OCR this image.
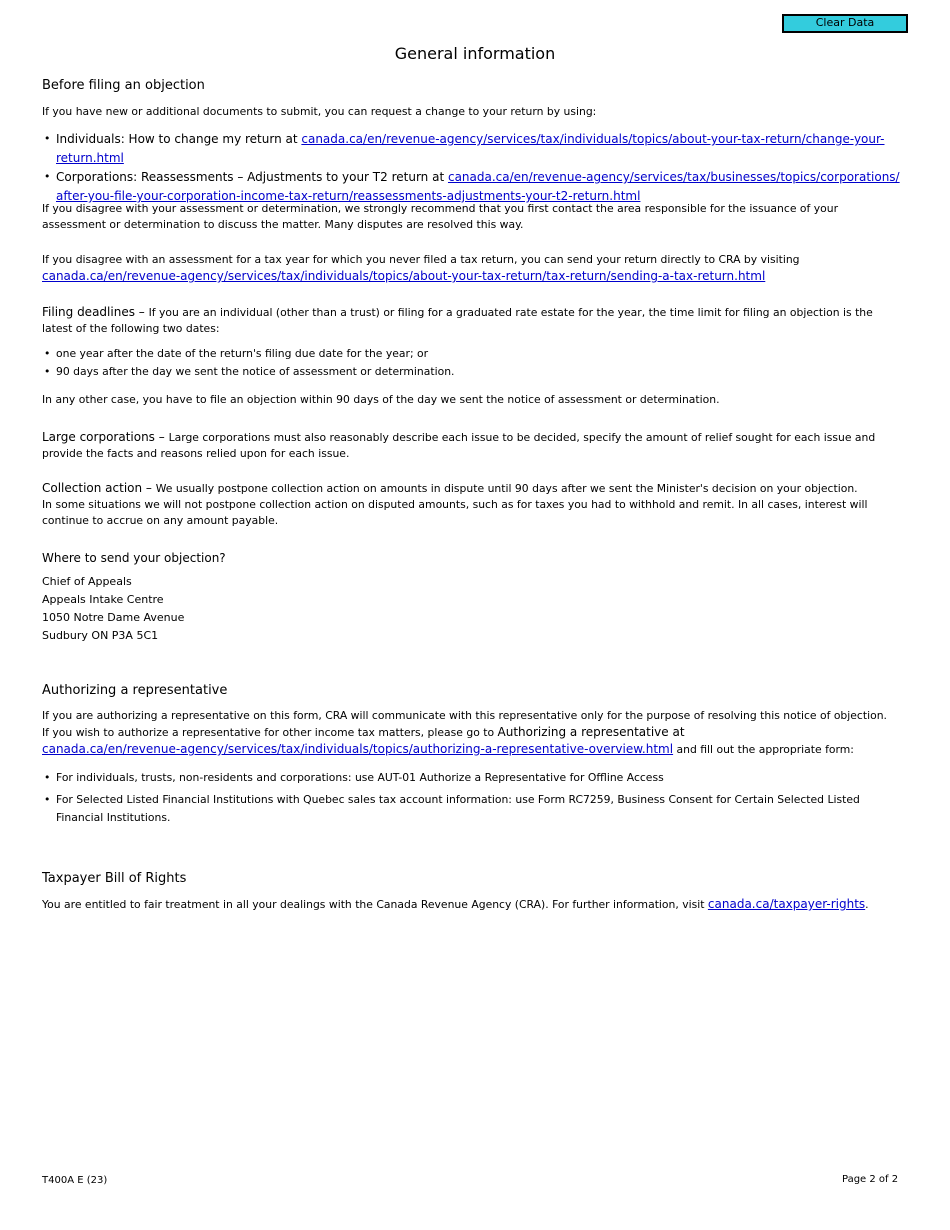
Clear Data
General information
Before filing an objection

If you have new or additional documents to submit, you can request a change to your return by using:

• Individuals: How to change my return at canada.ca/en/revenue-agency/services/tax/individuals/topics/about-your-tax-return/change-your-return.html
• Corporations: Reassessments – Adjustments to your T2 return at canada.ca/en/revenue-agency/services/tax/businesses/topics/corporations/after-you-file-your-corporation-income-tax-return/reassessments-adjustments-your-t2-return.html

If you disagree with your assessment or determination, we strongly recommend that you first contact the area responsible for the issuance of your assessment or determination to discuss the matter. Many disputes are resolved this way.

If you disagree with an assessment for a tax year for which you never filed a tax return, you can send your return directly to CRA by visiting

canada.ca/en/revenue-agency/services/tax/individuals/topics/about-your-tax-return/tax-return/sending-a-tax-return.html

Filing deadlines – If you are an individual (other than a trust) or filing for a graduated rate estate for the year, the time limit for filing an objection is the latest of the following two dates:

• one year after the date of the return's filing due date for the year; or
• 90 days after the day we sent the notice of assessment or determination.

In any other case, you have to file an objection within 90 days of the day we sent the notice of assessment or determination.

Large corporations – Large corporations must also reasonably describe each issue to be decided, specify the amount of relief sought for each issue and provide the facts and reasons relied upon for each issue.

Collection action – We usually postpone collection action on amounts in dispute until 90 days after we sent the Minister's decision on your objection.

In some situations we will not postpone collection action on disputed amounts, such as for taxes you had to withhold and remit. In all cases, interest will continue to accrue on any amount payable.

Where to send your objection?

Chief of Appeals
Appeals Intake Centre
1050 Notre Dame Avenue
Sudbury ON P3A 5C1
Authorizing a representative

If you are authorizing a representative on this form, CRA will communicate with this representative only for the purpose of resolving this notice of objection.

If you wish to authorize a representative for other income tax matters, please go to Authorizing a representative at

canada.ca/en/revenue-agency/services/tax/individuals/topics/authorizing-a-representative-overview.html and fill out the appropriate form:

• For individuals, trusts, non-residents and corporations: use AUT-01 Authorize a Representative for Offline Access
• For Selected Listed Financial Institutions with Quebec sales tax account information: use Form RC7259, Business Consent for Certain Selected Listed Financial Institutions.
Taxpayer Bill of Rights

You are entitled to fair treatment in all your dealings with the Canada Revenue Agency (CRA). For further information, visit canada.ca/taxpayer-rights.

T400A E (23)	Page 2 of 2
